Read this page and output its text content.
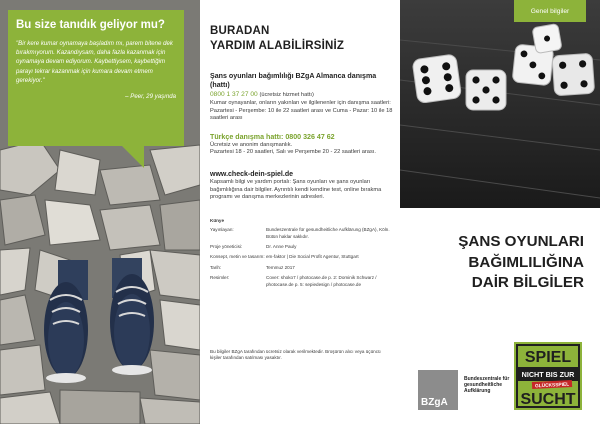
Bu size tanıdık geliyor mu?
"Bir kere kumar oynamaya başladım mı, parem bitene dek bırakmıyorum. Kazandıysam, daha fazla kazanmak için oynamaya devam ediyorum. Kaybettiysem, kaybettiğim parayı tekrar kazanmak için kumara devam etmem gerekiyor."
– Peer, 29 yaşında
BURADAN
YARDIM ALABİLİRSİNİZ
Şans oyunları bağımlılığı BZgA Almanca danışma (hattı)
0800 1 37 27 00 (ücretsiz hizmet hattı)
Kumar oynayanlar, onların yakınları ve ilgilenenler için danışma saatleri: Pazartesi - Perşembe: 10 ile 22 saatleri arası ve Cuma - Pazar: 10 ile 18 saatleri arası
Türkçe danışma hattı: 0800 326 47 62
Ücretsiz ve anonim danışmanlık.
Pazartesi 18 - 20 saatleri, Salı ve Perşembe 20 - 22 saatleri arası.
www.check-dein-spiel.de
Kapsamlı bilgi ve yardım portalı: Şans oyunları ve şans oyunları bağımlılığına dair bilgiler. Ayrıntılı kendi kendine test, online bırakma programı ve danışma merkezlerinin adresleri.
Künye
Yayınlayan:	Bundeszentrale für gesundheitliche Aufklärung (BZgA), Köln. Bütün haklar saklıdır.
Proje yöneticisi:	Dr. Anne Pauly
Konsept, metin ve tasarım: em-faktor | Die Social Profit Agentur, Stuttgart
Tarih:	Temmuz 2017
Resimler:	Cover: shoko7 / photocase.de p. 2: Dominik Schwarz / photocase.de p. 5: sepiedesign / photocase.de
Bu bilgiler BZgA tarafından ücretsiz olarak verilmektedir. Broşürün alıcı veya üçüncü kişiler tarafından satılması yasaktır.
Genel bilgiler
ŞANS OYUNLARI
BAĞIMLILIĞINA
DAİR BİLGİLER
BZgA
Bundeszentrale für gesundheitliche Aufklärung
SPIEL
NICHT BIS ZUR
GLÜCKSSPIEL
SUCHT
